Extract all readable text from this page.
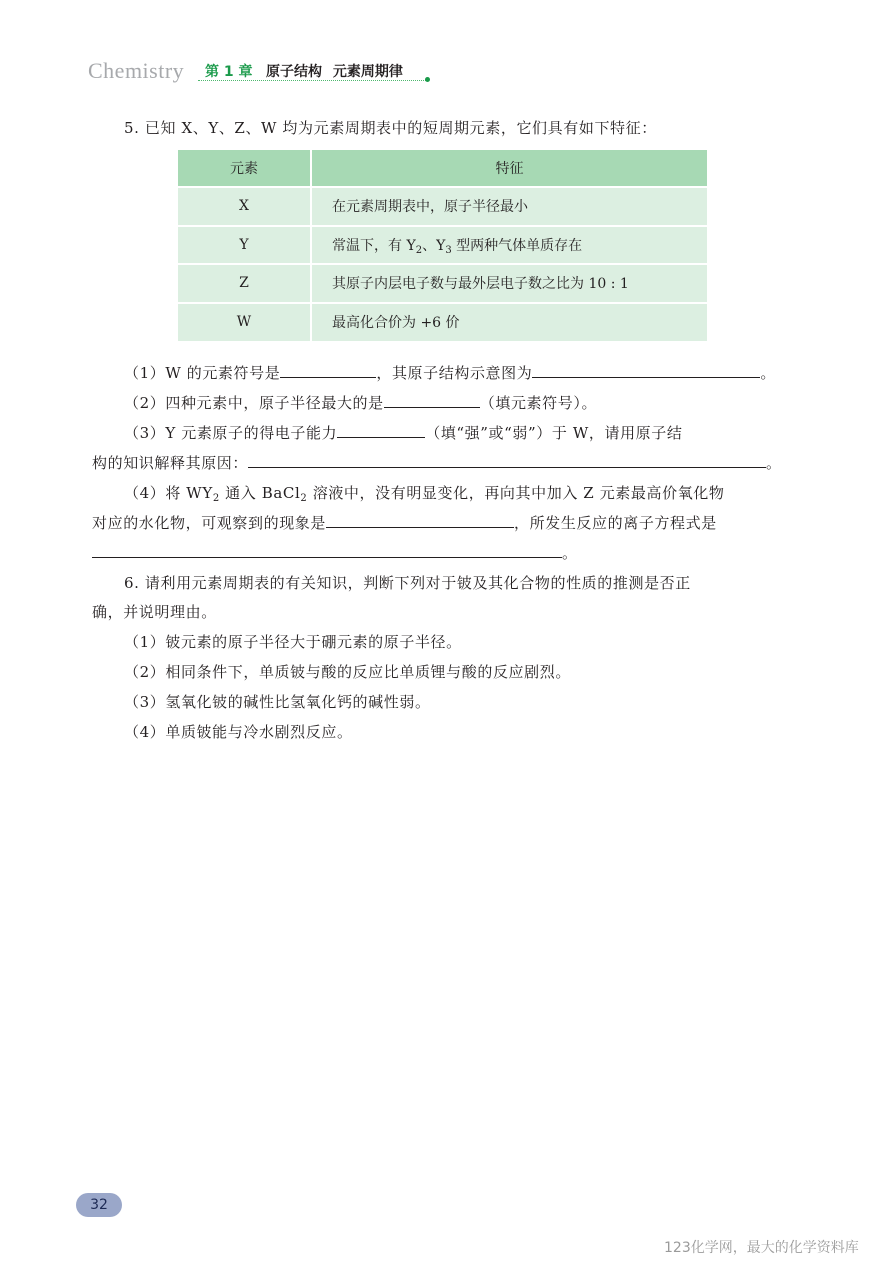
Chemistry 第 1 章 原子结构 元素周期律
5. 已知 X、Y、Z、W 均为元素周期表中的短周期元素，它们具有如下特征：
元素	特征
X	在元素周期表中，原子半径最小
Y	常温下，有 $Y_2$、$Y_3$ 型两种气体单质存在
Z	其原子内层电子数与最外层电子数之比为 10 : 1
W	最高化合价为 +6 价
（1）W 的元素符号是	，其原子结构示意图为	。
（2）四种元素中，原子半径最大的是	（填元素符号）。
（3）Y 元素原子的得电子能力	（填“强”或“弱”）于 W，请用原子结
构的知识解释其原因：	。
（4）将 $WY_2$ 通入 BaCl$_2$ 溶液中，没有明显变化，再向其中加入 Z 元素最高价氧化物
对应的水化物，可观察到的现象是	，所发生反应的离子方程式是
。
6. 请利用元素周期表的有关知识，判断下列对于铍及其化合物的性质的推测是否正
确，并说明理由。
（1）铍元素的原子半径大于硼元素的原子半径。
（2）相同条件下，单质铍与酸的反应比单质锂与酸的反应剧烈。
（3）氢氧化铍的碱性比氢氧化钙的碱性弱。
（4）单质铍能与冷水剧烈反应。
32
123化学网，最大的化学资料库
